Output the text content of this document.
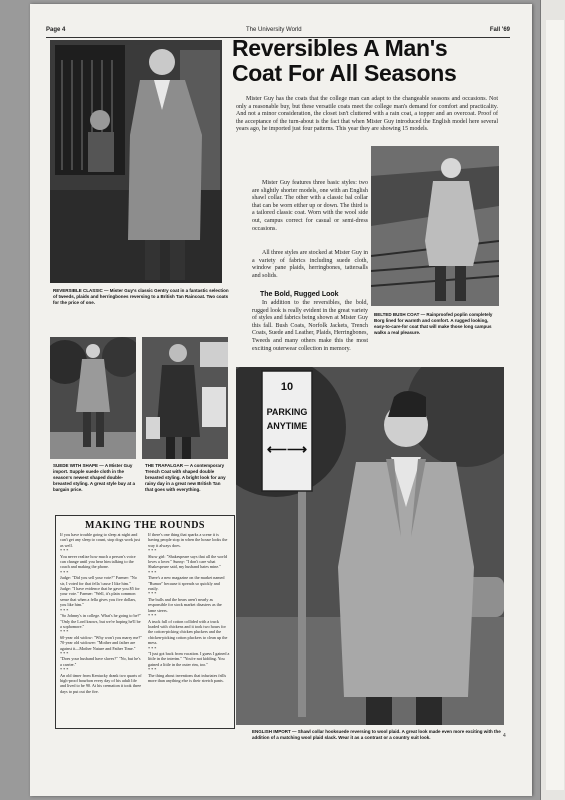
Page 4	The University World	Fall '69
REVERSIBLE CLASSIC — Mister Guy's classic Gentry coat in a fantastic selection of tweeds, plaids and herringbones reversing to a British Tan Raincoat. Two coats for the price of one.
Reversibles A Man's
Coat For All Seasons
Mister Guy has the coats that the college man can adapt to the changeable seasons and occasions. Not only a reasonable buy, but these versatile coats meet the college man's demand for comfort and practicality. And not a minor consideration, the closet isn't cluttered with a rain coat, a topper and an overcoat. Proof of the acceptance of the turn-about is the fact that when Mister Guy introduced the English model here several years ago, he imported just four patterns. This year they are showing 15 models.
Mister Guy features three basic styles: two are slightly shorter models, one with an English shawl collar. The other with a classic bal collar that can be worn either up or down. The third is a tailored classic coat. Worn with the wool side out, campus correct for casual or semi-dress occasions.
All three styles are stocked at Mister Guy in a variety of fabrics including suede cloth, window pane plaids, herringbones, tattersalls and solids.
The Bold, Rugged Look
In addition to the reversibles, the bold, rugged look is really evident in the great variety of styles and fabrics being shown at Mister Guy this fall. Bush Coats, Norfolk Jackets, Trench Coats, Suede and Leather, Plaids, Herringbones, Tweeds and many others make this the most exciting outerwear collection in memory.
BELTED BUSH COAT — Rainproofed poplin completely Borg lined for warmth and comfort. A rugged looking, easy-to-care-for coat that will make those long campus walks a real pleasure.
SUEDE WITH SHAPE — A Mister Guy import. Supple suede cloth in the season's newest shaped double-breasted styling. A great style buy at a bargain price.
THE TRAFALGAR — A contemporary Trench Coat with shaped double breasted styling. A bright look for any rainy day in a great new British Tan that goes with everything.
10
PARKING
ANYTIME
⟵⟶
ENGLISH IMPORT — Shawl collar hooksuede reversing to wool plaid. A great look made even more exciting with the addition of a matching wool plaid slack. Wear it as a contrast or a country suit look.
MAKING THE ROUNDS
If you have trouble going to sleep at night and can't get any sleep to count, stop dogs work just as well.
* * *
You never realize how much a person's voice can change until you hear him talking to the coach and making the phone.
* * *
Judge: "Did you sell your vote?" Farmer: "No sir, I voted for that fella 'cause I like him." Judge: "I have evidence that he gave you $5 for your vote." Farmer: "Well, it's plain common sense that when a fella gives you five dollars, you like him."
* * *
"So Johnny's in college. What's he going to be?" "Only the Lord knows, but we're hoping he'll be a sophomore."
* * *
60-year old widow: "Why won't you marry me?" 70-year old widower: "Mother and father are against it—Mother Nature and Father Time."
* * *
"Does your husband have slaves?" "No, but he's a carrier."
* * *
An old timer from Kentucky drank two quarts of high-proof bourbon every day of his adult life and lived to be 90. At his cremation it took three days to put out the fire.
If there's one thing that sparks a scene it is having people stop in when the house looks the way it always does.
* * *
Show girl: "Shakespeare says that all the world loves a lover." Sunny: "I don't care what Shakespeare said, my husband hates mine."
* * *
There's a new magazine on the market named "Rumor" because it spreads so quickly and easily.
* * *
The bulls and the bears aren't nearly as responsible for stock market disasters as the lame steers.
* * *
A truck full of cotton collided with a truck loaded with chickens and it took two hours for the cotton-picking chicken pluckers and the chicken-picking cotton pluckers to clean up the mess.
* * *
"I just got back from vacation. I guess I gained a little in the interim." "You're not kidding. You gained a little in the outer rim, too."
* * *
The thing about inventions that infuriates frills more than anything else is their stretch pants.
4
